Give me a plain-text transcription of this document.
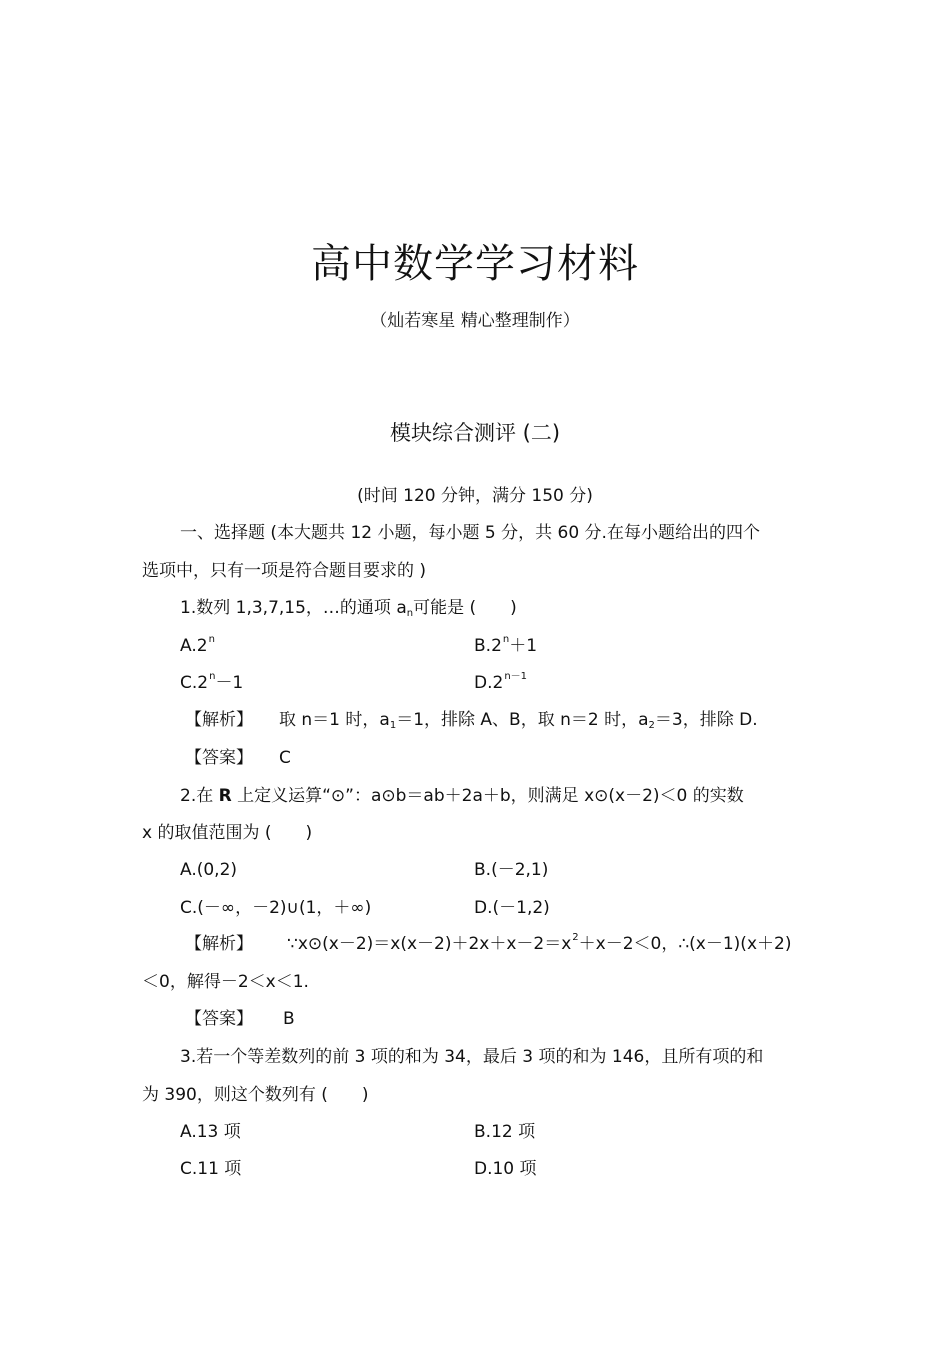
高中数学学习材料
（灿若寒星 精心整理制作）
模块综合测评 (二)
(时间 120 分钟，满分 150 分)
一、选择题 (本大题共 12 小题，每小题 5 分，共 60 分.在每小题给出的四个
选项中，只有一项是符合题目要求的 )
1.数列 1,3,7,15，…的通项 $a_n$可能是 (　　)
A.2$^n$	$B.2^n+1$
$C.2^n-1$	$D.2^{n-1}$
【解析】 取 n＝1 时，$a_1=1$，排除 A、B，取 n＝2 时，$a_2=3$，排除 D.
【答案】 C
2.在 R 上定义运算“⊙”：a⊙b＝ab＋2a＋b，则满足 x⊙(x－2)＜0 的实数
x 的取值范围为 (　　)
A.(0,2)	B.(－2,1)
C.(－∞，－2)∪(1，＋∞)	D.(－1,2)
【解析】 $\because x⊙(x-2)=x(x-2)+2x+x-2=x^2+x-2<0$，∴(x－1)(x＋2)
＜0，解得－2＜x＜1.
【答案】 B
3.若一个等差数列的前 3 项的和为 34，最后 3 项的和为 146，且所有项的和
为 390，则这个数列有 (　　)
A.13 项	B.12 项
C.11 项	D.10 项
